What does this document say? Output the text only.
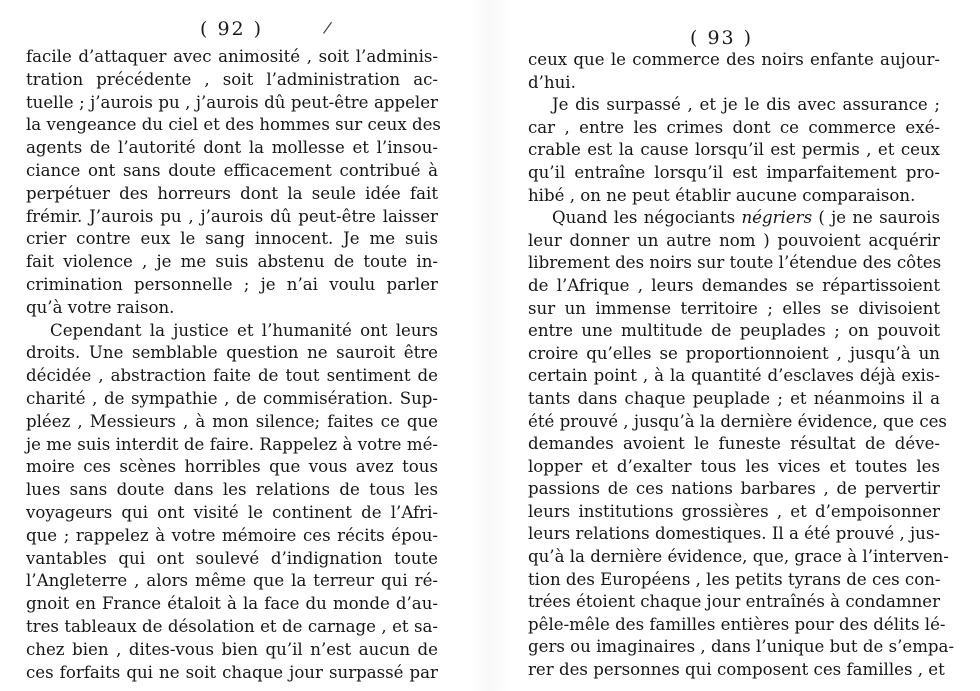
( 92 )	/
facile d’attaquer avec animosité , soit l’adminis-
tration précédente , soit l’administration ac-
tuelle ; j’aurois pu , j’aurois dû peut-être appeler
la vengeance du ciel et des hommes sur ceux des
agents de l’autorité dont la mollesse et l’insou-
ciance ont sans doute efficacement contribué à
perpétuer des horreurs dont la seule idée fait
frémir. J’aurois pu , j’aurois dû peut-être laisser
crier contre eux le sang innocent. Je me suis
fait violence , je me suis abstenu de toute in-
crimination personnelle ; je n’ai voulu parler
qu’à votre raison.
Cependant la justice et l’humanité ont leurs
droits. Une semblable question ne sauroit être
décidée , abstraction faite de tout sentiment de
charité , de sympathie , de commisération. Sup-
pléez , Messieurs , à mon silence; faites ce que
je me suis interdit de faire. Rappelez à votre mé-
moire ces scènes horribles que vous avez tous
lues sans doute dans les relations de tous les
voyageurs qui ont visité le continent de l’Afri-
que ; rappelez à votre mémoire ces récits épou-
vantables qui ont soulevé d’indignation toute
l’Angleterre , alors même que la terreur qui ré-
gnoit en France étaloit à la face du monde d’au-
tres tableaux de désolation et de carnage , et sa-
chez bien , dites-vous bien qu’il n’est aucun de
ces forfaits qui ne soit chaque jour surpassé par
( 93 )
ceux que le commerce des noirs enfante aujour-
d’hui.
Je dis surpassé , et je le dis avec assurance ;
car , entre les crimes dont ce commerce exé-
crable est la cause lorsqu’il est permis , et ceux
qu’il entraîne lorsqu’il est imparfaitement pro-
hibé , on ne peut établir aucune comparaison.
Quand les négociants négriers ( je ne saurois
leur donner un autre nom ) pouvoient acquérir
librement des noirs sur toute l’étendue des côtes
de l’Afrique , leurs demandes se répartissoient
sur un immense territoire ; elles se divisoient
entre une multitude de peuplades ; on pouvoit
croire qu’elles se proportionnoient , jusqu’à un
certain point , à la quantité d’esclaves déjà exis-
tants dans chaque peuplade ; et néanmoins il a
été prouvé , jusqu’à la dernière évidence, que ces
demandes avoient le funeste résultat de déve-
lopper et d’exalter tous les vices et toutes les
passions de ces nations barbares , de pervertir
leurs institutions grossières , et d’empoisonner
leurs relations domestiques. Il a été prouvé , jus-
qu’à la dernière évidence, que, grace à l’interven-
tion des Européens , les petits tyrans de ces con-
trées étoient chaque jour entraînés à condamner
pêle-mêle des familles entières pour des délits lé-
gers ou imaginaires , dans l’unique but de s’empa-
rer des personnes qui composent ces familles , et
